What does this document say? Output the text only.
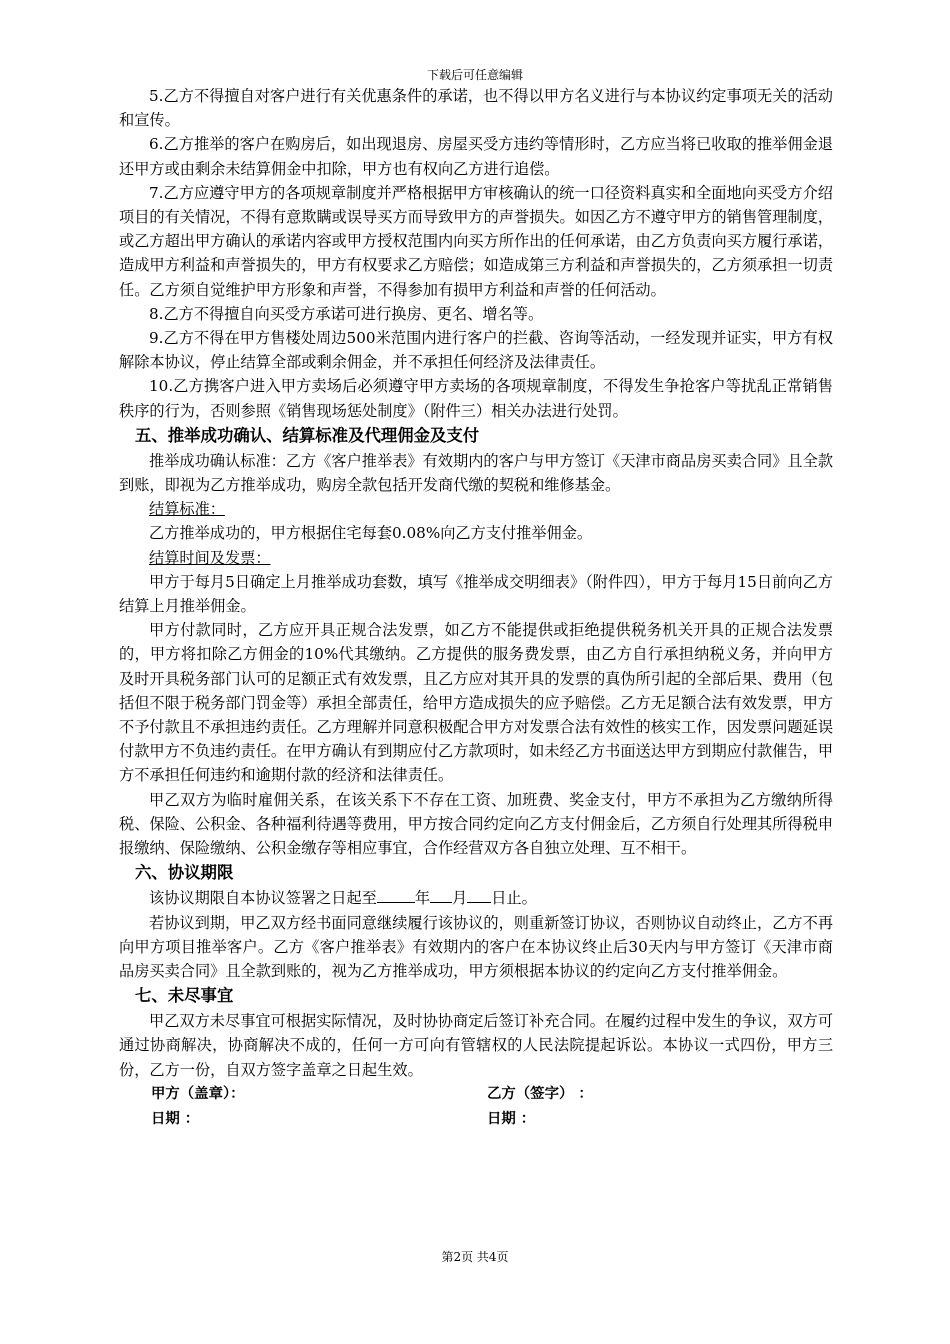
下载后可任意编辑

5.乙方不得擅自对客户进行有关优惠条件的承诺，也不得以甲方名义进行与本协议约定事项无关的活动和宣传。

6.乙方推举的客户在购房后，如出现退房、房屋买受方违约等情形时，乙方应当将已收取的推举佣金退还甲方或由剩余未结算佣金中扣除，甲方也有权向乙方进行追偿。

7.乙方应遵守甲方的各项规章制度并严格根据甲方审核确认的统一口径资料真实和全面地向买受方介绍项目的有关情况，不得有意欺瞒或误导买方而导致甲方的声誉损失。如因乙方不遵守甲方的销售管理制度，或乙方超出甲方确认的承诺内容或甲方授权范围内向买方所作出的任何承诺，由乙方负责向买方履行承诺，造成甲方利益和声誉损失的，甲方有权要求乙方赔偿；如造成第三方利益和声誉损失的，乙方须承担一切责任。乙方须自觉维护甲方形象和声誉，不得参加有损甲方利益和声誉的任何活动。

8.乙方不得擅自向买受方承诺可进行换房、更名、增名等。

9.乙方不得在甲方售楼处周边500米范围内进行客户的拦截、咨询等活动，一经发现并证实，甲方有权解除本协议，停止结算全部或剩余佣金，并不承担任何经济及法律责任。

10.乙方携客户进入甲方卖场后必须遵守甲方卖场的各项规章制度，不得发生争抢客户等扰乱正常销售秩序的行为，否则参照《销售现场惩处制度》（附件三）相关办法进行处罚。

五、推举成功确认、结算标准及代理佣金及支付

推举成功确认标准：乙方《客户推举表》有效期内的客户与甲方签订《天津市商品房买卖合同》且全款到账，即视为乙方推举成功，购房全款包括开发商代缴的契税和维修基金。

结算标准：

乙方推举成功的，甲方根据住宅每套0.08%向乙方支付推举佣金。

结算时间及发票：

甲方于每月5日确定上月推举成功套数，填写《推举成交明细表》（附件四），甲方于每月15日前向乙方结算上月推举佣金。

甲方付款同时，乙方应开具正规合法发票，如乙方不能提供或拒绝提供税务机关开具的正规合法发票的，甲方将扣除乙方佣金的10%代其缴纳。乙方提供的服务费发票，由乙方自行承担纳税义务，并向甲方及时开具税务部门认可的足额正式有效发票，且乙方应对其开具的发票的真伪所引起的全部后果、费用（包括但不限于税务部门罚金等）承担全部责任，给甲方造成损失的应予赔偿。乙方无足额合法有效发票，甲方不予付款且不承担违约责任。乙方理解并同意积极配合甲方对发票合法有效性的核实工作，因发票问题延误付款甲方不负违约责任。在甲方确认有到期应付乙方款项时，如未经乙方书面送达甲方到期应付款催告，甲方不承担任何违约和逾期付款的经济和法律责任。

甲乙双方为临时雇佣关系，在该关系下不存在工资、加班费、奖金支付，甲方不承担为乙方缴纳所得税、保险、公积金、各种福利待遇等费用，甲方按合同约定向乙方支付佣金后，乙方须自行处理其所得税申报缴纳、保险缴纳、公积金缴存等相应事宜，合作经营双方各自独立处理、互不相干。

六、协议期限

该协议期限自本协议签署之日起至	年 月 日止。

若协议到期，甲乙双方经书面同意继续履行该协议的，则重新签订协议，否则协议自动终止，乙方不再向甲方项目推举客户。乙方《客户推举表》有效期内的客户在本协议终止后30天内与甲方签订《天津市商品房买卖合同》且全款到账的，视为乙方推举成功，甲方须根据本协议的约定向乙方支付推举佣金。

七、未尽事宜

甲乙双方未尽事宜可根据实际情况，及时协协商定后签订补充合同。在履约过程中发生的争议，双方可通过协商解决，协商解决不成的，任何一方可向有管辖权的人民法院提起诉讼。本协议一式四份，甲方三份，乙方一份，自双方签字盖章之日起生效。

甲方（盖章）：	乙方（签字） ：
日期 ：	日期 ：
第2页 共4页
